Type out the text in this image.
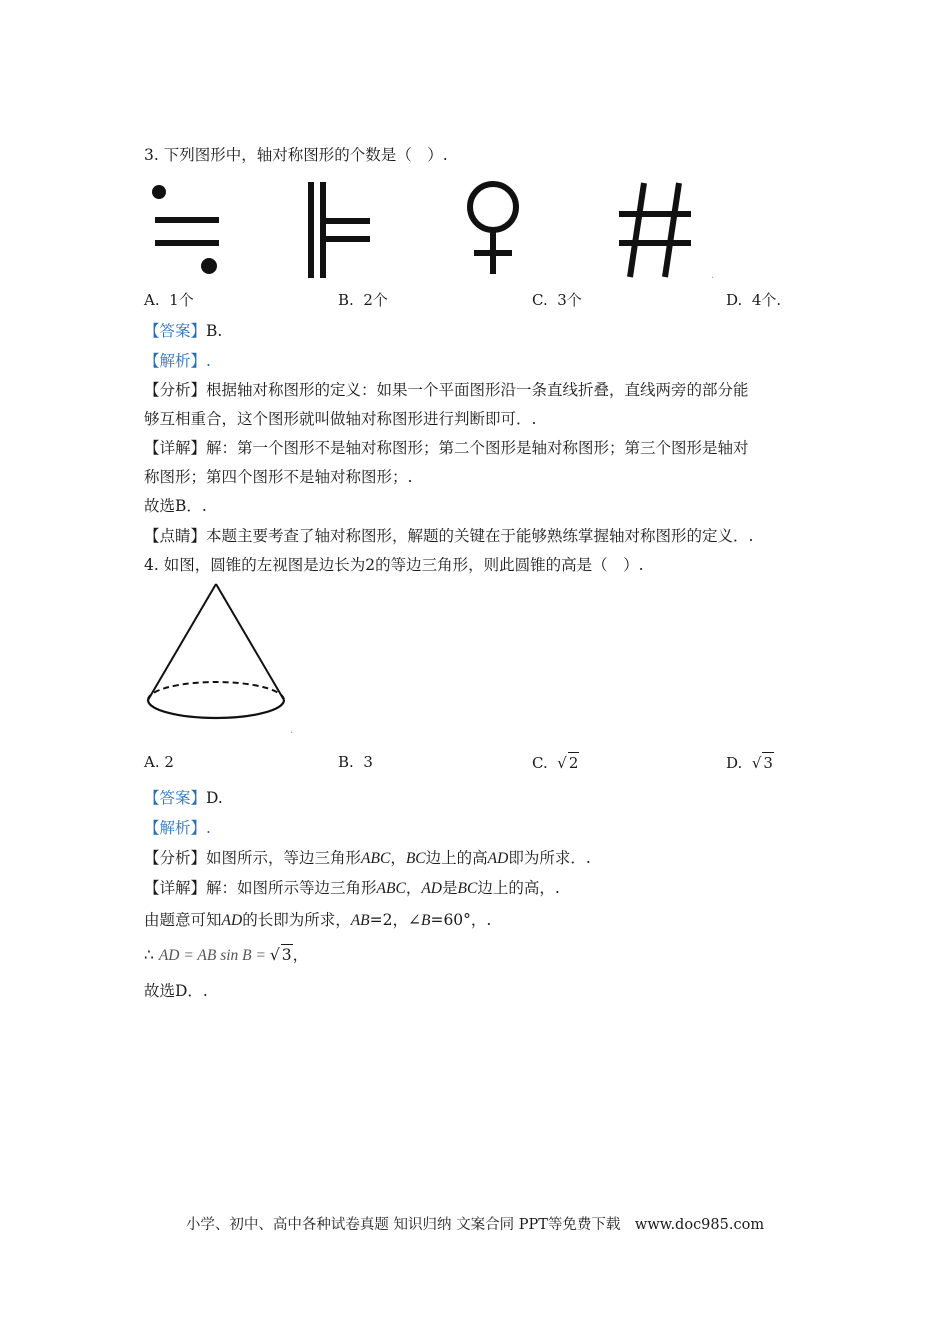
3. 下列图形中，轴对称图形的个数是（　）.
.
A. 1个	B. 2个	C. 3个	D. 4个.
【答案】B.
【解析】.
【分析】根据轴对称图形的定义：如果一个平面图形沿一条直线折叠，直线两旁的部分能
够互相重合，这个图形就叫做轴对称图形进行判断即可．.
【详解】解：第一个图形不是轴对称图形；第二个图形是轴对称图形；第三个图形是轴对
称图形；第四个图形不是轴对称图形；.
故选B．.
【点睛】本题主要考查了轴对称图形，解题的关键在于能够熟练掌握轴对称图形的定义．.
4. 如图，圆锥的左视图是边长为2的等边三角形，则此圆锥的高是（　）.
.
A. 2	B. 3	C. √ 2	D. √ 3
【答案】D.
【解析】.
【分析】如图所示，等边三角形ABC，BC边上的高AD即为所求．.
【详解】解：如图所示等边三角形ABC，AD是BC边上的高，.
由题意可知AD的长即为所求，AB=2，∠B=60°，.
∴ AD = AB sin B = √ 3，
故选D．.
小学、初中、高中各种试卷真题 知识归纳 文案合同 PPT等免费下载　www.doc985.com
